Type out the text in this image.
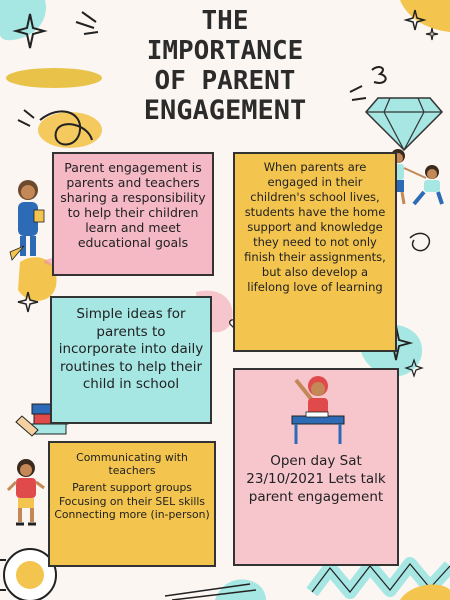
THE
IMPORTANCE
OF PARENT
ENGAGEMENT
Parent engagement is parents and teachers sharing a responsibility to help their children learn and meet educational goals
When parents are engaged in their children's school lives, students have the home support and knowledge they need to not only finish their assignments, but also develop a lifelong love of learning
Simple ideas for parents to incorporate into daily routines to help their child in school
Communicating with teachers
Parent support groups
Focusing on their SEL skills
Connecting more (in-person)
Open day Sat 23/10/2021 Lets talk parent engagement
